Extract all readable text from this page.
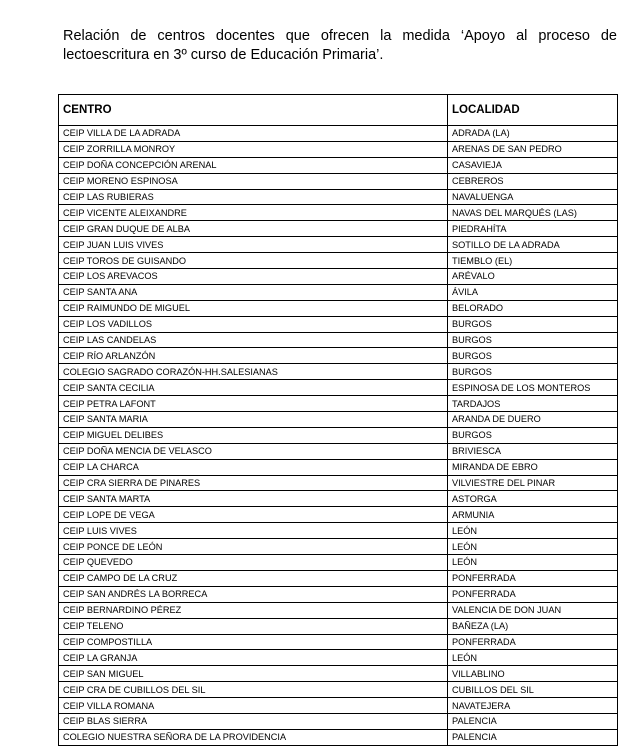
Relación de centros docentes que ofrecen la medida ‘Apoyo al proceso de lectoescritura en 3º curso de Educación Primaria’.

CENTRO	LOCALIDAD
CEIP VILLA DE LA ADRADA	ADRADA (LA)
CEIP ZORRILLA MONROY	ARENAS DE SAN PEDRO
CEIP DOÑA CONCEPCIÓN ARENAL	CASAVIEJA
CEIP MORENO ESPINOSA	CEBREROS
CEIP LAS RUBIERAS	NAVALUENGA
CEIP VICENTE ALEIXANDRE	NAVAS DEL MARQUÉS (LAS)
CEIP GRAN DUQUE DE ALBA	PIEDRAHÍTA
CEIP JUAN LUIS VIVES	SOTILLO DE LA ADRADA
CEIP TOROS DE GUISANDO	TIEMBLO (EL)
CEIP LOS AREVACOS	ARÉVALO
CEIP SANTA ANA	ÁVILA
CEIP RAIMUNDO DE MIGUEL	BELORADO
CEIP LOS VADILLOS	BURGOS
CEIP LAS CANDELAS	BURGOS
CEIP RÍO ARLANZÓN	BURGOS
COLEGIO SAGRADO CORAZÓN-HH.SALESIANAS	BURGOS
CEIP SANTA CECILIA	ESPINOSA DE LOS MONTEROS
CEIP PETRA LAFONT	TARDAJOS
CEIP SANTA MARIA	ARANDA DE DUERO
CEIP MIGUEL DELIBES	BURGOS
CEIP DOÑA MENCIA DE VELASCO	BRIVIESCA
CEIP LA CHARCA	MIRANDA DE EBRO
CEIP CRA SIERRA DE PINARES	VILVIESTRE DEL PINAR
CEIP SANTA MARTA	ASTORGA
CEIP LOPE DE VEGA	ARMUNIA
CEIP LUIS VIVES	LEÓN
CEIP PONCE DE LEÓN	LEÓN
CEIP QUEVEDO	LEÓN
CEIP CAMPO DE LA CRUZ	PONFERRADA
CEIP SAN ANDRÉS LA BORRECA	PONFERRADA
CEIP BERNARDINO PÉREZ	VALENCIA DE DON JUAN
CEIP TELENO	BAÑEZA (LA)
CEIP COMPOSTILLA	PONFERRADA
CEIP LA GRANJA	LEÓN
CEIP SAN MIGUEL	VILLABLINO
CEIP CRA DE CUBILLOS DEL SIL	CUBILLOS DEL SIL
CEIP VILLA ROMANA	NAVATEJERA
CEIP BLAS SIERRA	PALENCIA
COLEGIO NUESTRA SEÑORA DE LA PROVIDENCIA	PALENCIA
